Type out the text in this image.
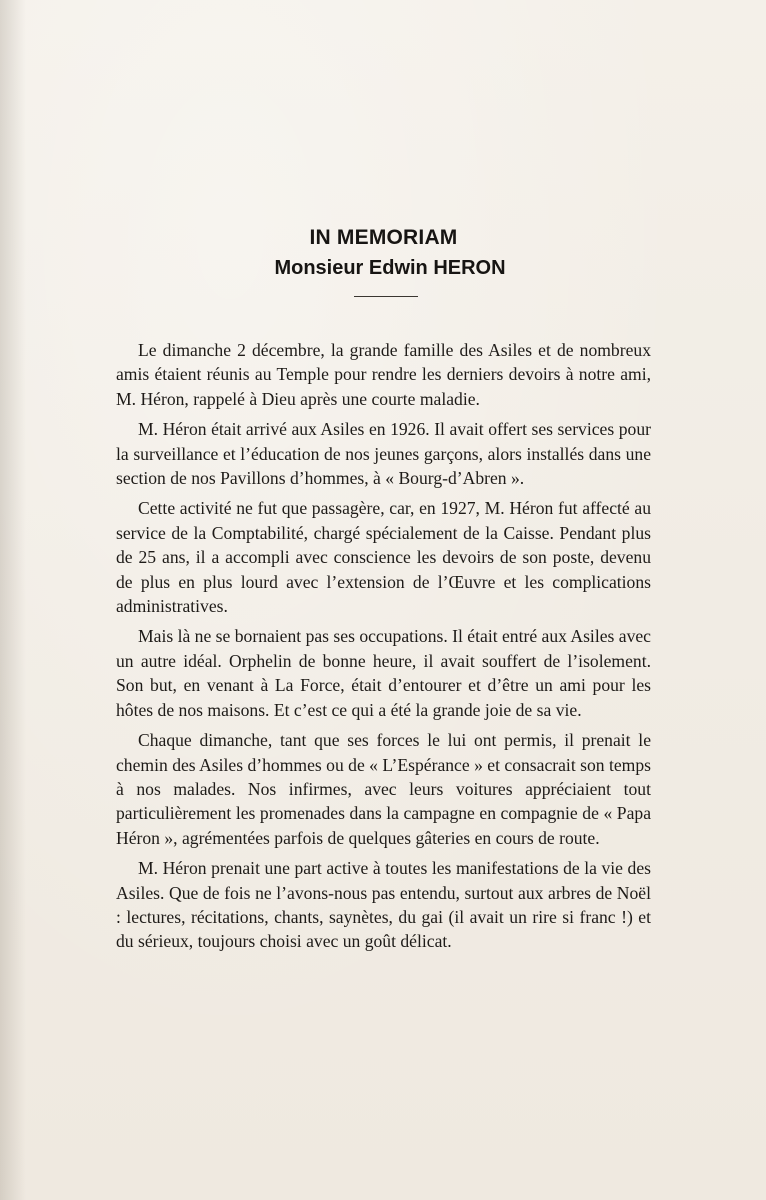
IN MEMORIAM
Monsieur Edwin HERON

Le dimanche 2 décembre, la grande famille des Asiles et de nombreux amis étaient réunis au Temple pour rendre les derniers devoirs à notre ami, M. Héron, rappelé à Dieu après une courte maladie.

M. Héron était arrivé aux Asiles en 1926. Il avait offert ses services pour la surveillance et l’éducation de nos jeunes garçons, alors installés dans une section de nos Pavillons d’hommes, à « Bourg-d’Abren ».

Cette activité ne fut que passagère, car, en 1927, M. Héron fut affecté au service de la Comptabilité, chargé spécialement de la Caisse. Pendant plus de 25 ans, il a accompli avec conscience les devoirs de son poste, devenu de plus en plus lourd avec l’extension de l’Œuvre et les complications administratives.

Mais là ne se bornaient pas ses occupations. Il était entré aux Asiles avec un autre idéal. Orphelin de bonne heure, il avait souffert de l’isolement. Son but, en venant à La Force, était d’entourer et d’être un ami pour les hôtes de nos maisons. Et c’est ce qui a été la grande joie de sa vie.

Chaque dimanche, tant que ses forces le lui ont permis, il prenait le chemin des Asiles d’hommes ou de « L’Espérance » et consacrait son temps à nos malades. Nos infirmes, avec leurs voitures appréciaient tout particulièrement les promenades dans la campagne en compagnie de « Papa Héron », agrémentées parfois de quelques gâteries en cours de route.

M. Héron prenait une part active à toutes les manifestations de la vie des Asiles. Que de fois ne l’avons-nous pas entendu, surtout aux arbres de Noël : lectures, récitations, chants, saynètes, du gai (il avait un rire si franc !) et du sérieux, toujours choisi avec un goût délicat.
